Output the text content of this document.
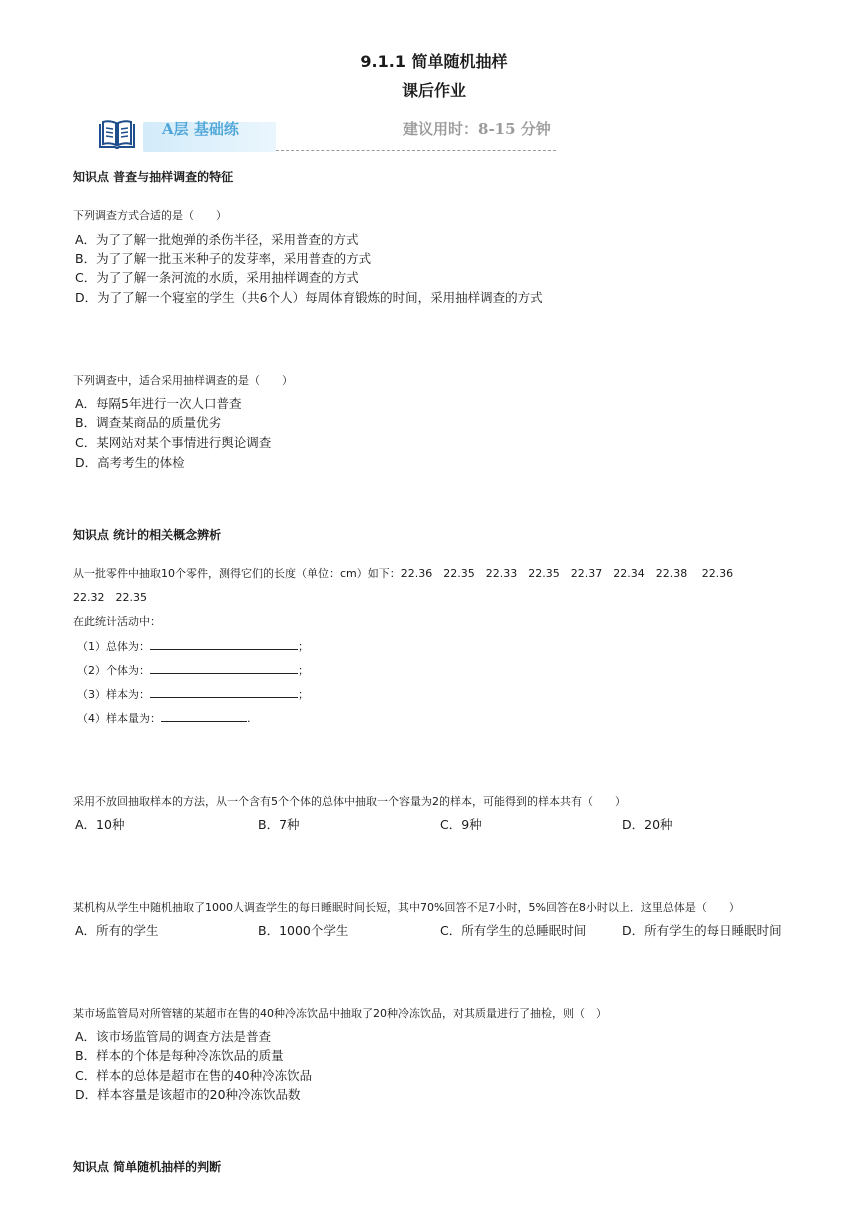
9.1.1 简单随机抽样
课后作业
A层 基础练	建议用时：8-15 分钟
知识点 普查与抽样调查的特征
下列调查方式合适的是（　　）
A．为了了解一批炮弹的杀伤半径，采用普查的方式
B．为了了解一批玉米种子的发芽率，采用普查的方式
C．为了了解一条河流的水质，采用抽样调查的方式
D．为了了解一个寝室的学生（共6个人）每周体育锻炼的时间，采用抽样调查的方式
下列调查中，适合采用抽样调查的是（　　）
A．每隔5年进行一次人口普查
B．调查某商品的质量优劣
C．某网站对某个事情进行舆论调查
D．高考考生的体检
知识点 统计的相关概念辨析
从一批零件中抽取10个零件，测得它们的长度（单位：cm）如下：22.36　22.35　22.33　22.35　22.37　22.34　22.38　 22.36
22.32　22.35
在此统计活动中：
（1）总体为：	；
（2）个体为：	；
（3）样本为：	；
（4）样本量为：	.
采用不放回抽取样本的方法，从一个含有5个个体的总体中抽取一个容量为2的样本，可能得到的样本共有（　　）
A．10种	B．7种	C．9种	D．20种
某机构从学生中随机抽取了1000人调查学生的每日睡眠时间长短，其中70%回答不足7小时，5%回答在8小时以上．这里总体是（　　）
A．所有的学生	B．1000个学生	C．所有学生的总睡眠时间	D．所有学生的每日睡眠时间
某市场监管局对所管辖的某超市在售的40种冷冻饮品中抽取了20种冷冻饮品，对其质量进行了抽检，则（　）
A．该市场监管局的调查方法是普查
B．样本的个体是每种冷冻饮品的质量
C．样本的总体是超市在售的40种冷冻饮品
D．样本容量是该超市的20种冷冻饮品数
知识点 简单随机抽样的判断
